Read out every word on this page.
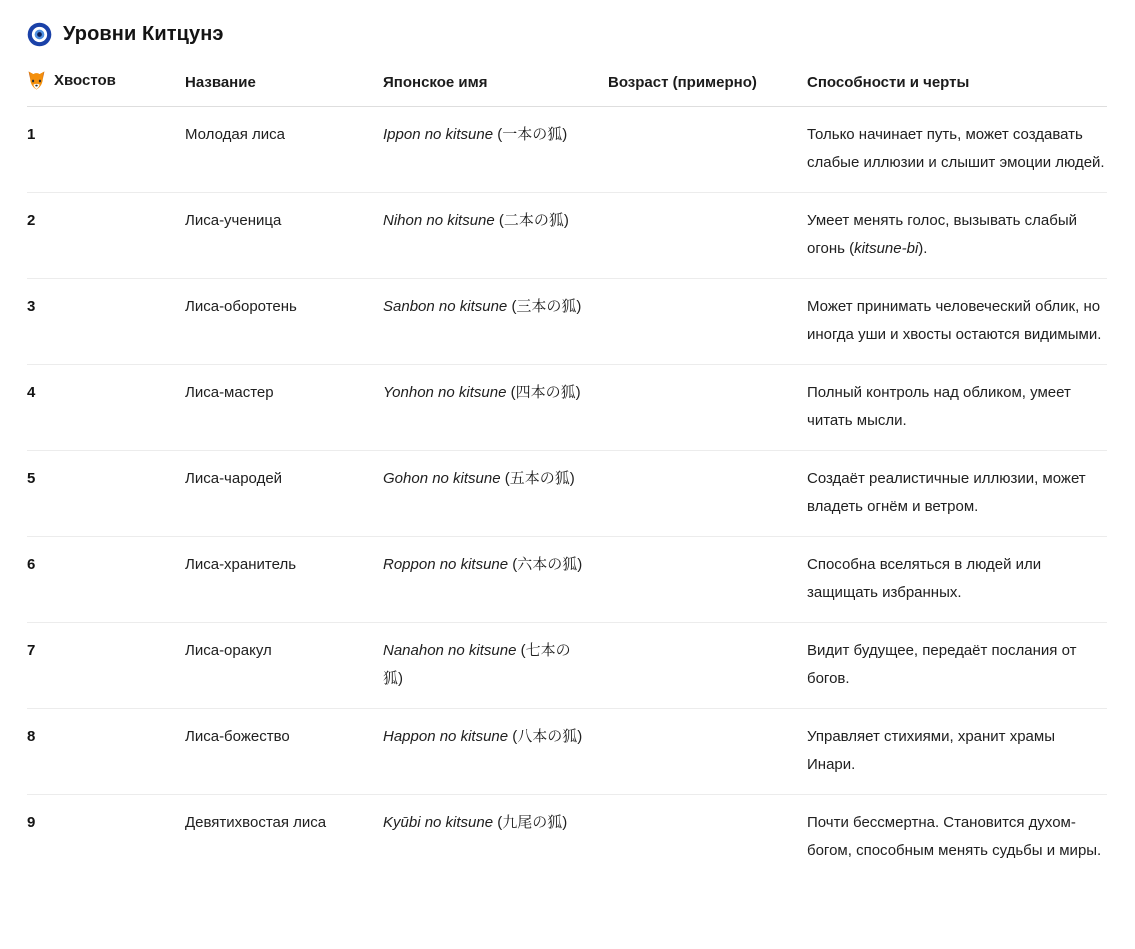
Уровни Китцунэ
Хвостов	Название	Японское имя	Возраст (примерно)	Способности и черты
1	Молодая лиса	Ippon no kitsune (一本の狐)		Только начинает путь, может создавать слабые иллюзии и слышит эмоции людей.
2	Лиса-ученица	Nihon no kitsune (二本の狐)		Умеет менять голос, вызывать слабый огонь (kitsune-bi).
3	Лиса-оборотень	Sanbon no kitsune (三本の狐)		Может принимать человеческий облик, но иногда уши и хвосты остаются видимыми.
4	Лиса-мастер	Yonhon no kitsune (四本の狐)		Полный контроль над обликом, умеет читать мысли.
5	Лиса-чародей	Gohon no kitsune (五本の狐)		Создаёт реалистичные иллюзии, может владеть огнём и ветром.
6	Лиса-хранитель	Roppon no kitsune (六本の狐)		Способна вселяться в людей или защищать избранных.
7	Лиса-оракул	Nanahon no kitsune (七本の狐)		Видит будущее, передаёт послания от богов.
8	Лиса-божество	Happon no kitsune (八本の狐)		Управляет стихиями, хранит храмы Инари.
9	Девятихвостая лиса	Kyūbi no kitsune (九尾の狐)		Почти бессмертна. Становится духом-богом, способным менять судьбы и миры.
